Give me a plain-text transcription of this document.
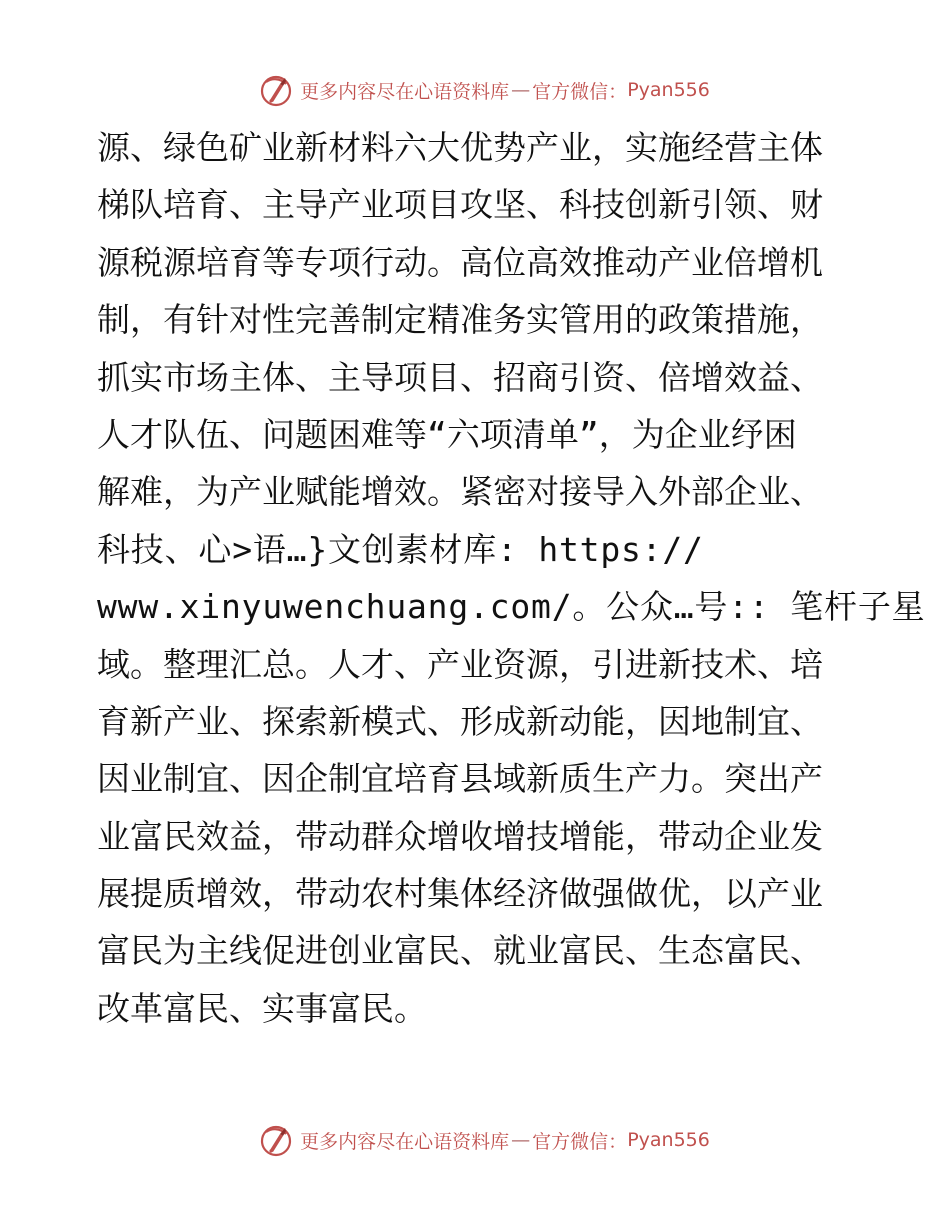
更多内容尽在心语资料库 — 官方微信： Pyan556
源、绿色矿业新材料六大优势产业，实施经营主体
梯队培育、主导产业项目攻坚、科技创新引领、财
源税源培育等专项行动。高位高效推动产业倍增机
制，有针对性完善制定精准务实管用的政策措施，
抓实市场主体、主导项目、招商引资、倍增效益、
人才队伍、问题困难等“六项清单”，为企业纾困
解难，为产业赋能增效。紧密对接导入外部企业、
科技、心>语…}文创素材库: https://
www.xinyuwenchuang.com/。公众…号:: 笔杆子星
域。整理汇总。人才、产业资源，引进新技术、培
育新产业、探索新模式、形成新动能，因地制宜、
因业制宜、因企制宜培育县域新质生产力。突出产
业富民效益，带动群众增收增技增能，带动企业发
展提质增效，带动农村集体经济做强做优，以产业
富民为主线促进创业富民、就业富民、生态富民、
改革富民、实事富民。
更多内容尽在心语资料库 — 官方微信： Pyan556
